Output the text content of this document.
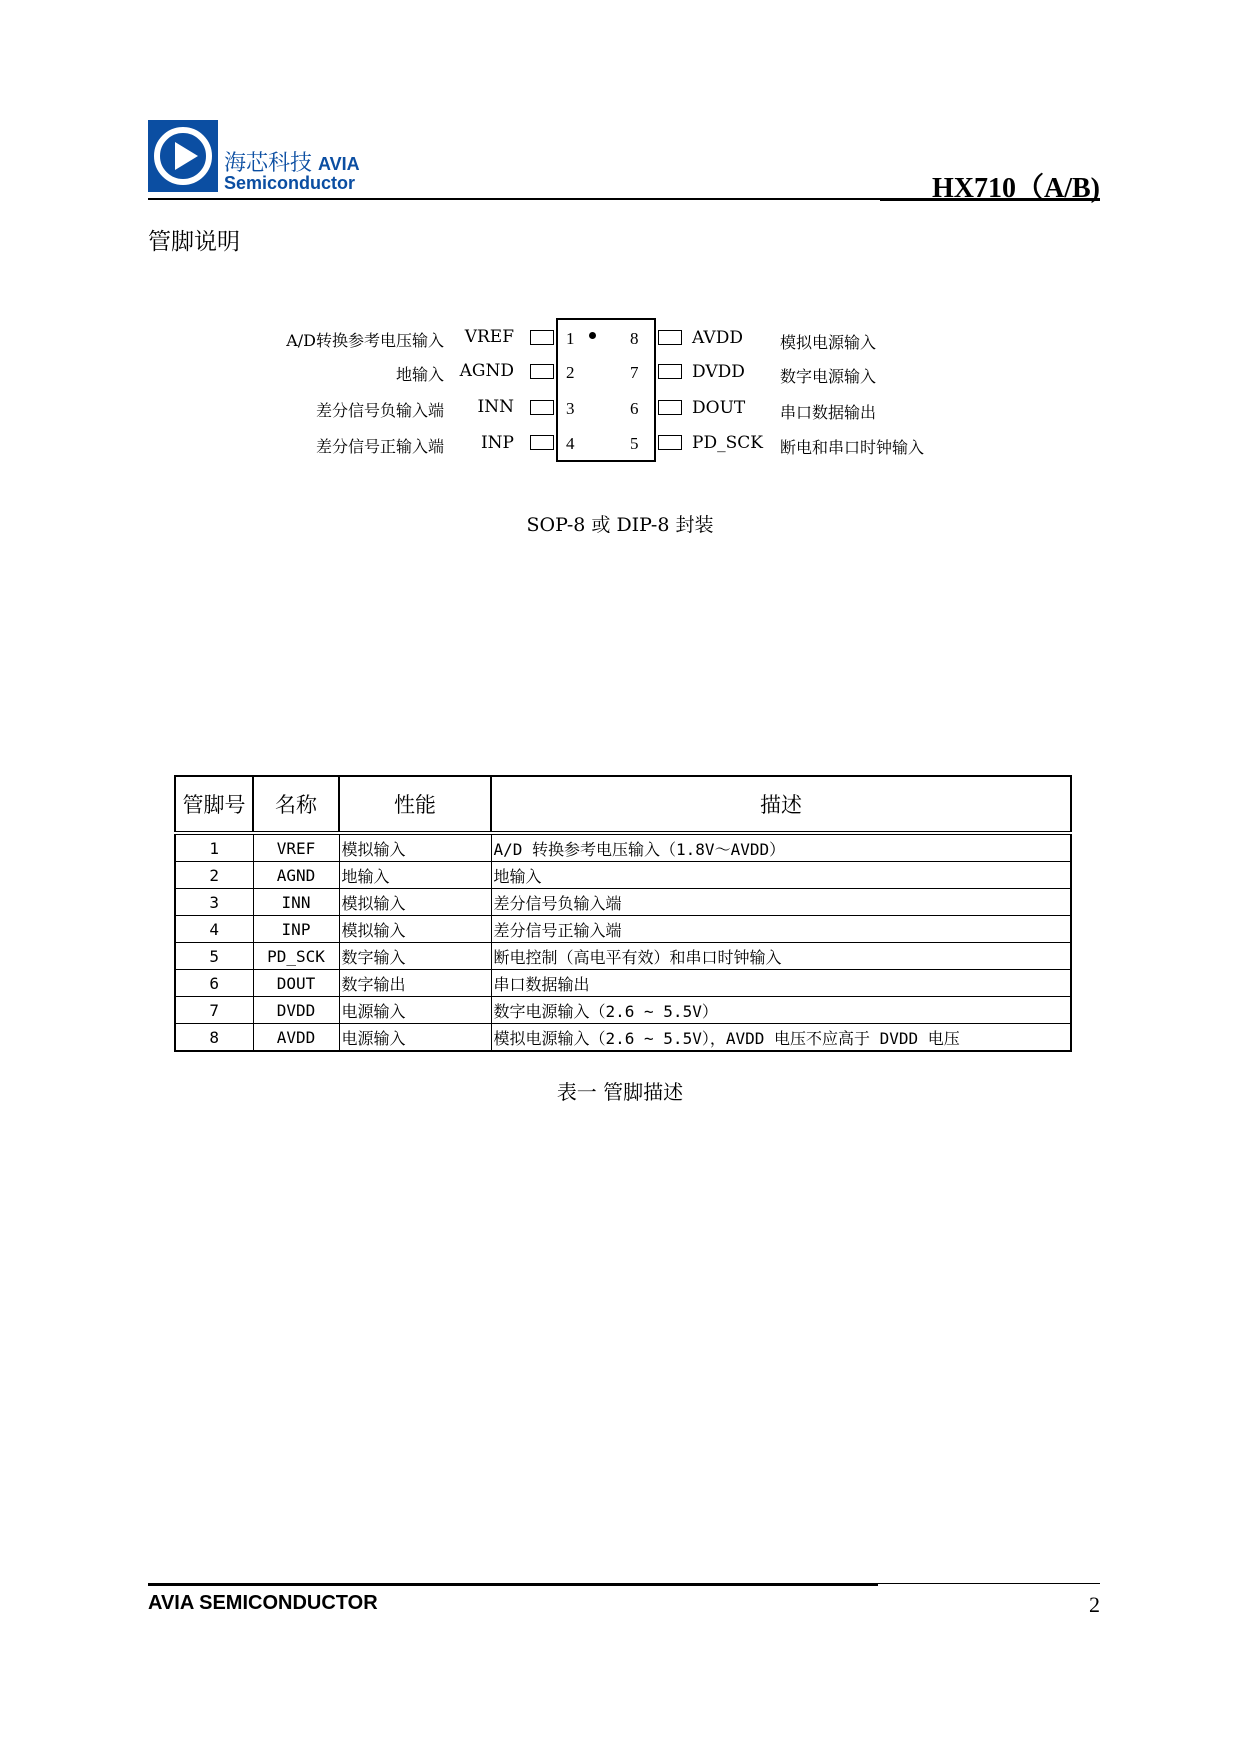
海芯科技 AVIA
Semiconductor	HX710（A/B)
管脚说明
A/D转换参考电压输入 VREF	1
地输入 AGND	2
差分信号负输入端 INN	3
差分信号正输入端 INP	4
8	AVDD 模拟电源输入
7	DVDD 数字电源输入
6	DOUT 串口数据输出
5	PD_SCK 断电和串口时钟输入
SOP-8 或 DIP-8 封装
管脚号	名称	性能	描述
1	VREF	模拟输入	A/D 转换参考电压输入（1.8V～AVDD）
2	AGND	地输入	地输入
3	INN	模拟输入	差分信号负输入端
4	INP	模拟输入	差分信号正输入端
5	PD_SCK	数字输入	断电控制（高电平有效）和串口时钟输入
6	DOUT	数字输出	串口数据输出
7	DVDD	电源输入	数字电源输入（2.6 ~ 5.5V）
8	AVDD	电源输入	模拟电源输入（2.6 ~ 5.5V），AVDD 电压不应高于 DVDD 电压
表一 管脚描述
AVIA SEMICONDUCTOR	2
